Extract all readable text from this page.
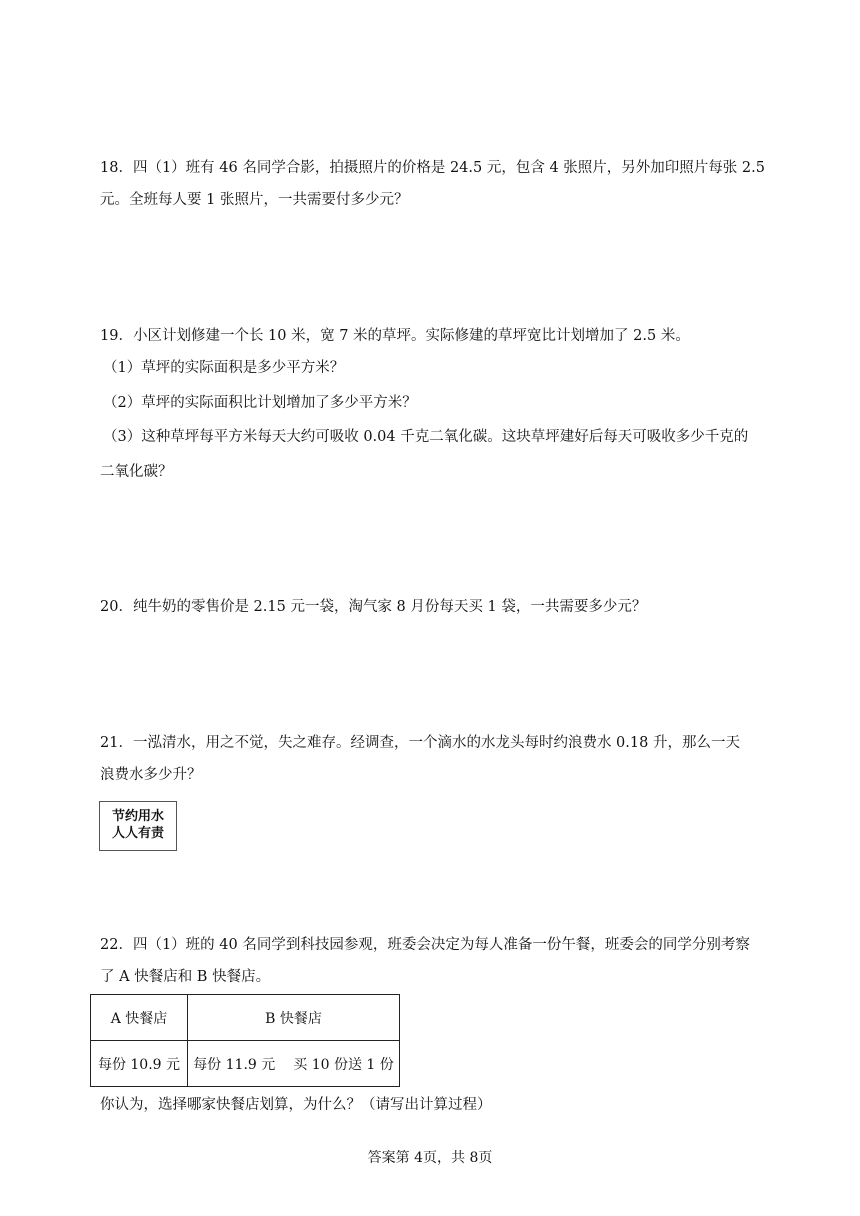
18．四（1）班有 46 名同学合影，拍摄照片的价格是 24.5 元，包含 4 张照片，另外加印照片每张 2.5
元。全班每人要 1 张照片，一共需要付多少元？
19．小区计划修建一个长 10 米，宽 7 米的草坪。实际修建的草坪宽比计划增加了 2.5 米。
（1）草坪的实际面积是多少平方米？
（2）草坪的实际面积比计划增加了多少平方米？
（3）这种草坪每平方米每天大约可吸收 0.04 千克二氧化碳。这块草坪建好后每天可吸收多少千克的
二氧化碳？
20．纯牛奶的零售价是 2.15 元一袋，淘气家 8 月份每天买 1 袋，一共需要多少元？
21．一泓清水，用之不觉，失之难存。经调查，一个滴水的水龙头每时约浪费水 0.18 升，那么一天
浪费水多少升？
节约用水
人人有责
22．四（1）班的 40 名同学到科技园参观，班委会决定为每人准备一份午餐，班委会的同学分别考察
了 A 快餐店和 B 快餐店。
A 快餐店	B 快餐店
每份 10.9 元	每份 11.9 元 买 10 份送 1 份
你认为，选择哪家快餐店划算，为什么？（请写出计算过程）
答案第 4页，共 8页
